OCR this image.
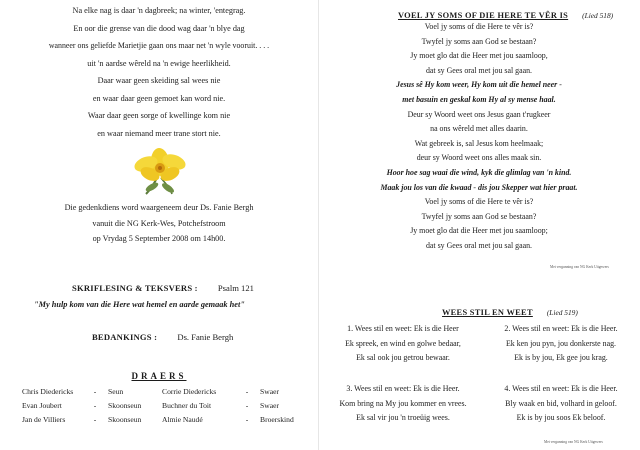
Na elke nag is daar 'n dagbreek; na winter, 'entegrag.
En oor die grense van die dood wag daar 'n blye dag
wanneer ons geliefde Marietjie gaan ons maar net 'n wyle vooruit. . . .
uit 'n aardse wêreld na 'n ewige heerlikheid.
Daar waar geen skeiding sal wees nie
en waar daar geen gemoet kan word nie.
Waar daar geen sorge of kwellinge kom nie
en waar niemand meer trane stort nie.
Die gedenkdiens word waargeneem deur Ds. Fanie Bergh
vanuit die NG Kerk-Wes, Potchefstroom
op Vrydag 5 September 2008 om 14h00.
SKRIFLESING & TEKSVERS : Psalm 121
"My hulp kom van die Here wat hemel en aarde gemaak het"
BEDANKINGS : Ds. Fanie Bergh
DRAERS
Chris Diedericks	-	Seun	Corrie Diedericks	-	Swaer
Evan Joubert	-	Skoonseun	Buchner du Toit	-	Swaer
Jan de Villiers	-	Skoonseun	Almie Naudé	-	Broerskind
VOEL JY SOMS OF DIE HERE TE VÊR IS (Lied 518)
Voel jy soms of die Here te vêr is?
Twyfel jy soms aan God se bestaan?
Jy moet glo dat die Heer met jou saamloop,
dat sy Gees oral met jou sal gaan.
Jesus sê Hy kom weer, Hy kom uit die hemel neer -
met basuin en geskal kom Hy al sy mense haal.
Deur sy Woord weet ons Jesus gaan t'rugkeer
na ons wêreld met alles daarin.
Wat gebreek is, sal Jesus kom heelmaak;
deur sy Woord weet ons alles maak sin.
Hoor hoe sag waai die wind, kyk die glimlag van 'n kind.
Maak jou los van die kwaad - dis jou Skepper wat hier praat.
Voel jy soms of die Here te vêr is?
Twyfel jy soms aan God se bestaan?
Jy moet glo dat die Heer met jou saamloop;
dat sy Gees oral met jou sal gaan.
Met vergunning van NG Kerk Uitgewers
WEES STIL EN WEET (Lied 519)
1. Wees stil en weet: Ek is die Heer
Ek spreek, en wind en golwe bedaar,
Ek sal ook jou getrou bewaar.
2. Wees stil en weet: Ek is die Heer.
Ek ken jou pyn, jou donkerste nag.
Ek is by jou, Ek gee jou krag.
3. Wees stil en weet: Ek is die Heer.
Kom bring na My jou kommer en vrees.
Ek sal vir jou 'n troeüig wees.
4. Wees stil en weet: Ek is die Heer.
Bly waak en bid, volhard in geloof.
Ek is by jou soos Ek beloof.
Met vergunning van NG Kerk Uitgewers
